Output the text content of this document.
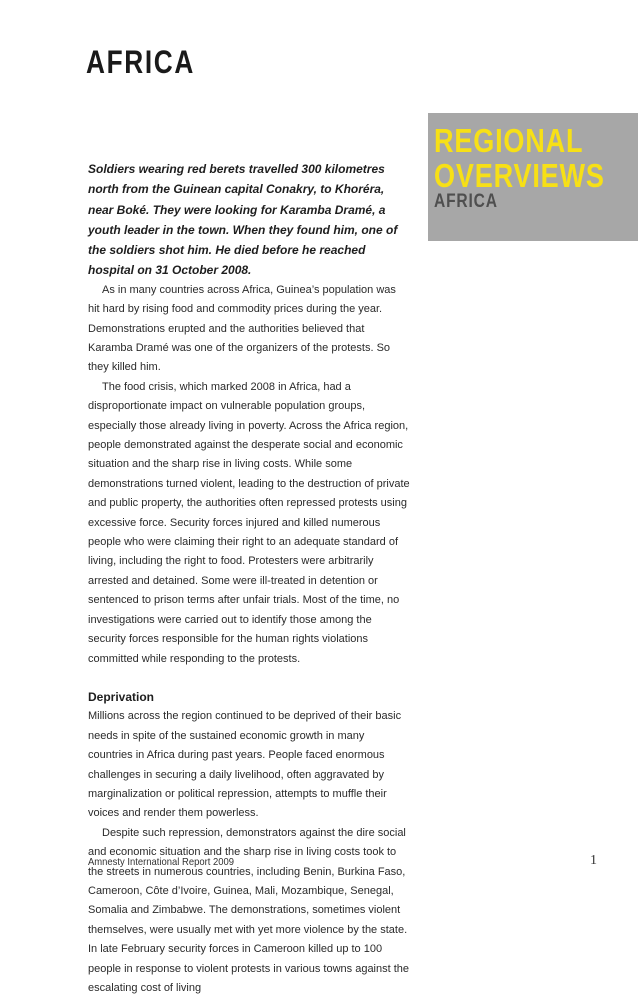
AFRICA
REGIONAL
OVERVIEWS
AFRICA

Soldiers wearing red berets travelled 300 kilometres north from the Guinean capital Conakry, to Khoréra, near Boké. They were looking for Karamba Dramé, a youth leader in the town. When they found him, one of the soldiers shot him. He died before he reached hospital on 31 October 2008.

As in many countries across Africa, Guinea’s population was hit hard by rising food and commodity prices during the year. Demonstrations erupted and the authorities believed that Karamba Dramé was one of the organizers of the protests. So they killed him.

The food crisis, which marked 2008 in Africa, had a disproportionate impact on vulnerable population groups, especially those already living in poverty. Across the Africa region, people demonstrated against the desperate social and economic situation and the sharp rise in living costs. While some demonstrations turned violent, leading to the destruction of private and public property, the authorities often repressed protests using excessive force. Security forces injured and killed numerous people who were claiming their right to an adequate standard of living, including the right to food. Protesters were arbitrarily arrested and detained. Some were ill-treated in detention or sentenced to prison terms after unfair trials. Most of the time, no investigations were carried out to identify those among the security forces responsible for the human rights violations committed while responding to the protests.

Deprivation

Millions across the region continued to be deprived of their basic needs in spite of the sustained economic growth in many countries in Africa during past years. People faced enormous challenges in securing a daily livelihood, often aggravated by marginalization or political repression, attempts to muffle their voices and render them powerless.

Despite such repression, demonstrators against the dire social and economic situation and the sharp rise in living costs took to the streets in numerous countries, including Benin, Burkina Faso, Cameroon, Côte d’Ivoire, Guinea, Mali, Mozambique, Senegal, Somalia and Zimbabwe. The demonstrations, sometimes violent themselves, were usually met with yet more violence by the state. In late February security forces in Cameroon killed up to 100 people in response to violent protests in various towns against the escalating cost of living

Amnesty International Report 2009	1
